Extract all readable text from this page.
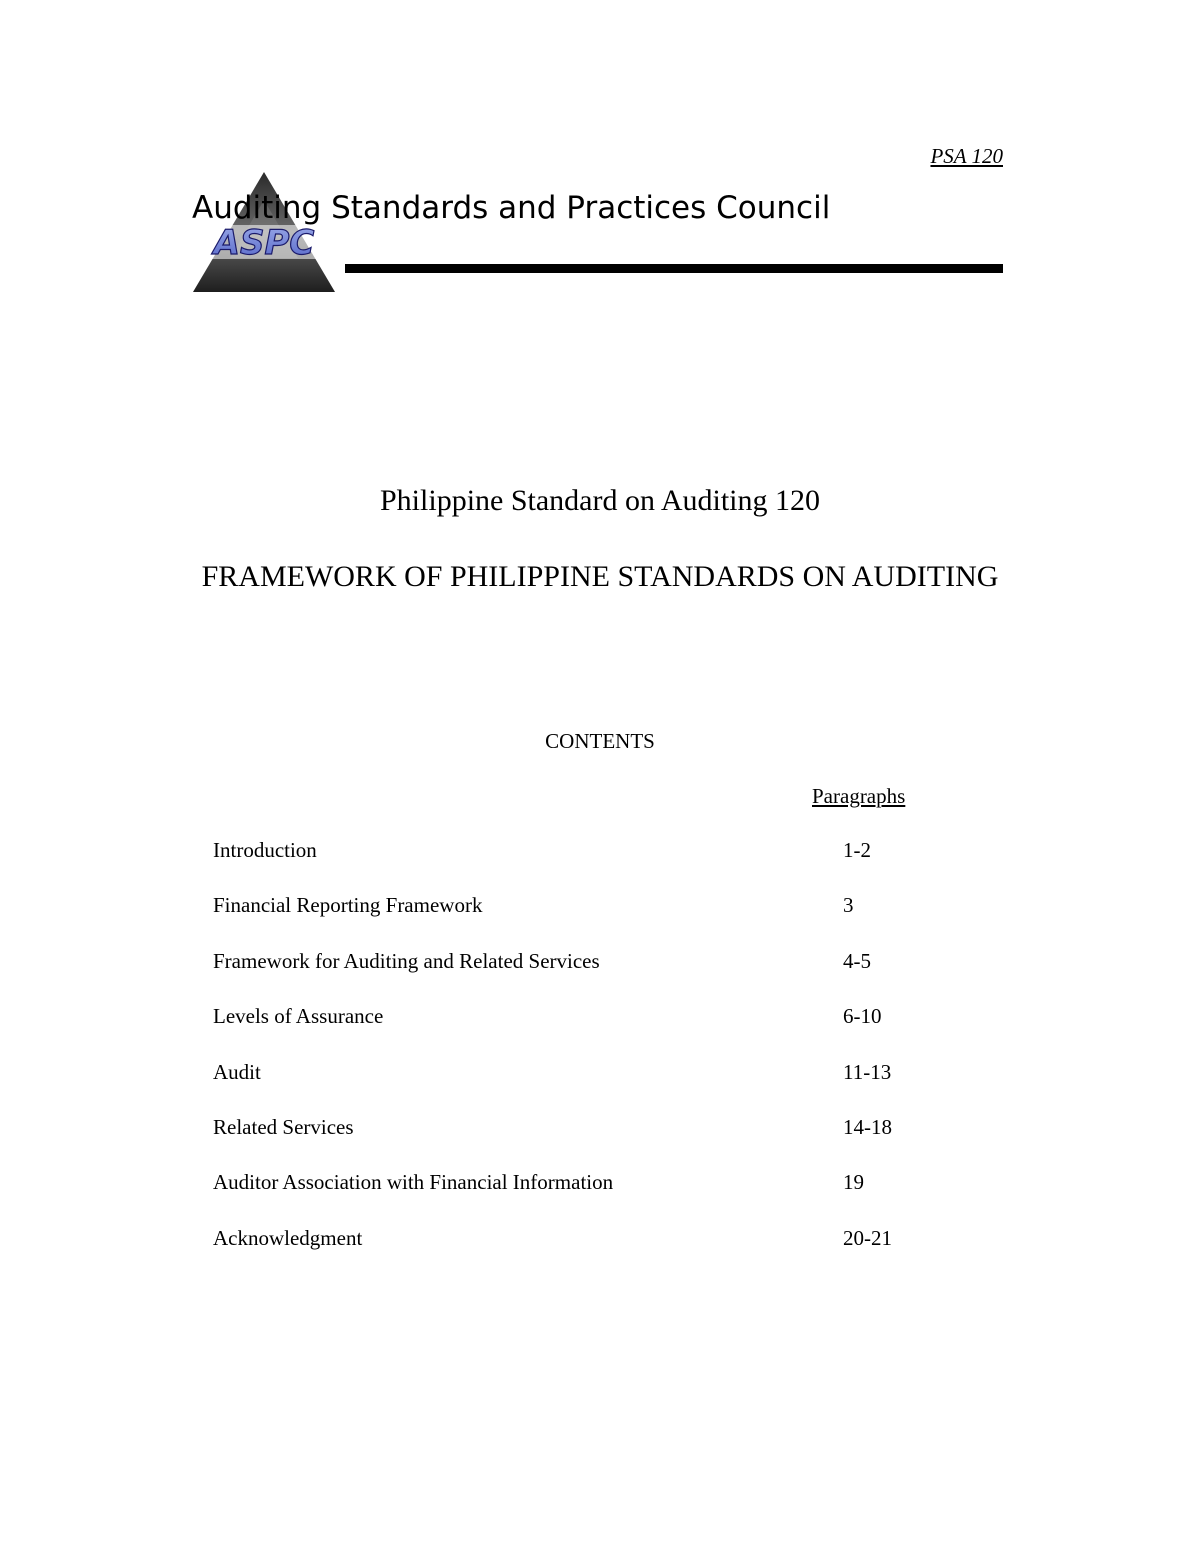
PSA 120
ASPC
Auditing Standards and Practices Council
Philippine Standard on Auditing 120
FRAMEWORK OF PHILIPPINE STANDARDS ON AUDITING
CONTENTS
Paragraphs
Introduction	1-2
Financial Reporting Framework	3
Framework for Auditing and Related Services	4-5
Levels of Assurance	6-10
Audit	11-13
Related Services	14-18
Auditor Association with Financial Information	19
Acknowledgment	20-21
